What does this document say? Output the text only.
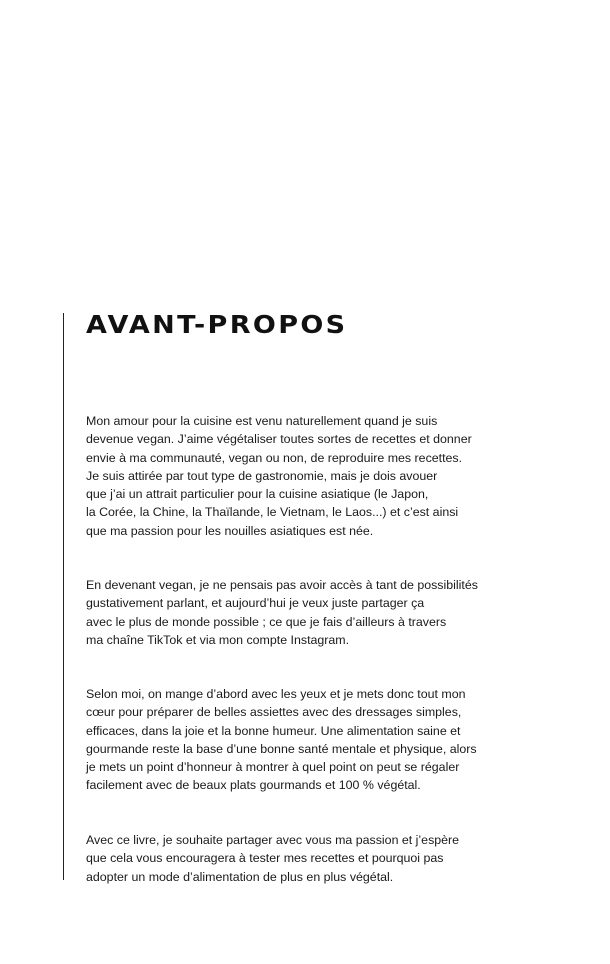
AVANT-PROPOS

Mon amour pour la cuisine est venu naturellement quand je suis
devenue vegan. J’aime végétaliser toutes sortes de recettes et donner
envie à ma communauté, vegan ou non, de reproduire mes recettes.
Je suis attirée par tout type de gastronomie, mais je dois avouer
que j’ai un attrait particulier pour la cuisine asiatique (le Japon,
la Corée, la Chine, la Thaïlande, le Vietnam, le Laos...) et c’est ainsi
que ma passion pour les nouilles asiatiques est née.

En devenant vegan, je ne pensais pas avoir accès à tant de possibilités
gustativement parlant, et aujourd’hui je veux juste partager ça
avec le plus de monde possible ; ce que je fais d’ailleurs à travers
ma chaîne TikTok et via mon compte Instagram.

Selon moi, on mange d’abord avec les yeux et je mets donc tout mon
cœur pour préparer de belles assiettes avec des dressages simples,
efficaces, dans la joie et la bonne humeur. Une alimentation saine et
gourmande reste la base d’une bonne santé mentale et physique, alors
je mets un point d’honneur à montrer à quel point on peut se régaler
facilement avec de beaux plats gourmands et 100 % végétal.

Avec ce livre, je souhaite partager avec vous ma passion et j’espère
que cela vous encouragera à tester mes recettes et pourquoi pas
adopter un mode d’alimentation de plus en plus végétal.
